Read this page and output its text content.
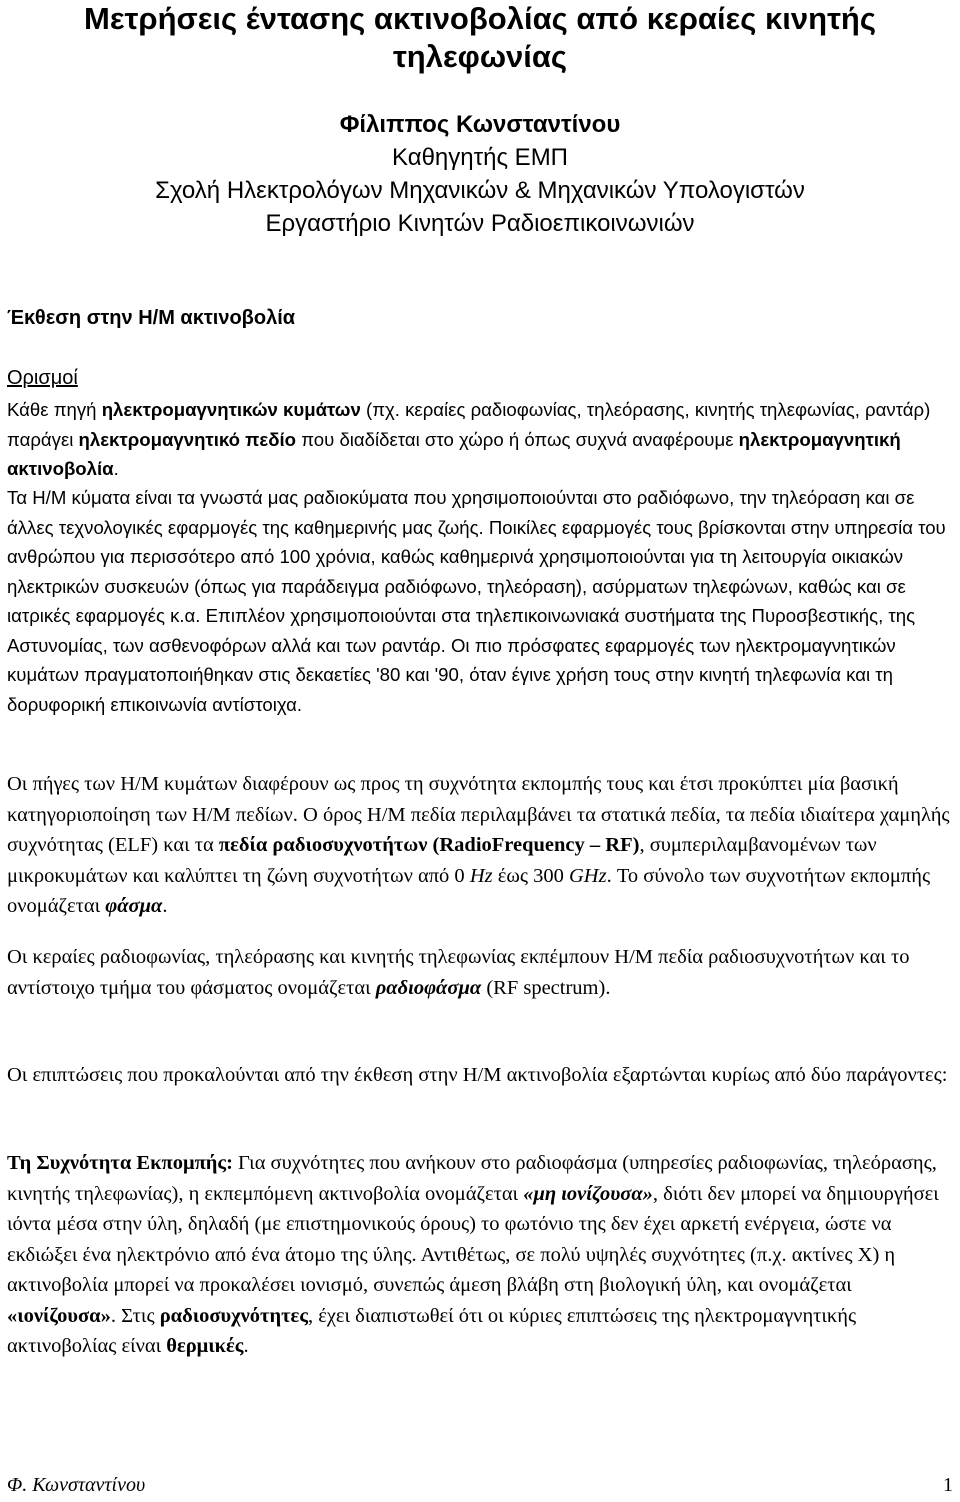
Μετρήσεις έντασης ακτινοβολίας από κεραίες κινητής
τηλεφωνίας
Φίλιππος Κωνσταντίνου
Καθηγητής ΕΜΠ
Σχολή Ηλεκτρολόγων Μηχανικών & Μηχανικών Υπολογιστών
Εργαστήριο Κινητών Ραδιοεπικοινωνιών
Έκθεση στην Η/Μ ακτινοβολία
Ορισμοί

Κάθε πηγή ηλεκτρομαγνητικών κυμάτων (πχ. κεραίες ραδιοφωνίας, τηλεόρασης, κινητής τηλεφωνίας, ραντάρ) παράγει ηλεκτρομαγνητικό πεδίο που διαδίδεται στο χώρο ή όπως συχνά αναφέρουμε ηλεκτρομαγνητική ακτινοβολία.

Τα Η/Μ κύματα είναι τα γνωστά μας ραδιοκύματα που χρησιμοποιούνται στο ραδιόφωνο, την τηλεόραση και σε άλλες τεχνολογικές εφαρμογές της καθημερινής μας ζωής. Ποικίλες εφαρμογές τους βρίσκονται στην υπηρεσία του ανθρώπου για περισσότερο από 100 χρόνια, καθώς καθημερινά χρησιμοποιούνται για τη λειτουργία οικιακών ηλεκτρικών συσκευών (όπως για παράδειγμα ραδιόφωνο, τηλεόραση), ασύρματων τηλεφώνων, καθώς και σε ιατρικές εφαρμογές κ.α. Επιπλέον χρησιμοποιούνται στα τηλεπικοινωνιακά συστήματα της Πυροσβεστικής, της Αστυνομίας, των ασθενοφόρων αλλά και των ραντάρ. Οι πιο πρόσφατες εφαρμογές των ηλεκτρομαγνητικών κυμάτων πραγματοποιήθηκαν στις δεκαετίες '80 και '90, όταν έγινε χρήση τους στην κινητή τηλεφωνία και τη δορυφορική επικοινωνία αντίστοιχα.

Οι πήγες των Η/Μ κυμάτων διαφέρουν ως προς τη συχνότητα εκπομπής τους και έτσι προκύπτει μία βασική κατηγοριοποίηση των Η/Μ πεδίων. Ο όρος Η/Μ πεδία περιλαμβάνει τα στατικά πεδία, τα πεδία ιδιαίτερα χαμηλής συχνότητας (ELF) και τα πεδία ραδιοσυχνοτήτων (RadioFrequency – RF), συμπεριλαμβανομένων των μικροκυμάτων και καλύπτει τη ζώνη συχνοτήτων από 0 Hz έως 300 GHz. Το σύνολο των συχνοτήτων εκπομπής ονομάζεται φάσμα.

Οι κεραίες ραδιοφωνίας, τηλεόρασης και κινητής τηλεφωνίας εκπέμπουν Η/Μ πεδία ραδιοσυχνοτήτων και το αντίστοιχο τμήμα του φάσματος ονομάζεται ραδιοφάσμα (RF spectrum).

Οι επιπτώσεις που προκαλούνται από την έκθεση στην Η/Μ ακτινοβολία εξαρτώνται κυρίως από δύο παράγοντες:

Τη Συχνότητα Εκπομπής: Για συχνότητες που ανήκουν στο ραδιοφάσμα (υπηρεσίες ραδιοφωνίας, τηλεόρασης, κινητής τηλεφωνίας), η εκπεμπόμενη ακτινοβολία ονομάζεται «μη ιονίζουσα», διότι δεν μπορεί να δημιουργήσει ιόντα μέσα στην ύλη, δηλαδή (με επιστημονικούς όρους) το φωτόνιο της δεν έχει αρκετή ενέργεια, ώστε να εκδιώξει ένα ηλεκτρόνιο από ένα άτομο της ύλης. Αντιθέτως, σε πολύ υψηλές συχνότητες (π.χ. ακτίνες Χ) η ακτινοβολία μπορεί να προκαλέσει ιονισμό, συνεπώς άμεση βλάβη στη βιολογική ύλη, και ονομάζεται «ιονίζουσα». Στις ραδιοσυχνότητες, έχει διαπιστωθεί ότι οι κύριες επιπτώσεις της ηλεκτρομαγνητικής ακτινοβολίας είναι θερμικές.

Φ. Κωνσταντίνου	1
